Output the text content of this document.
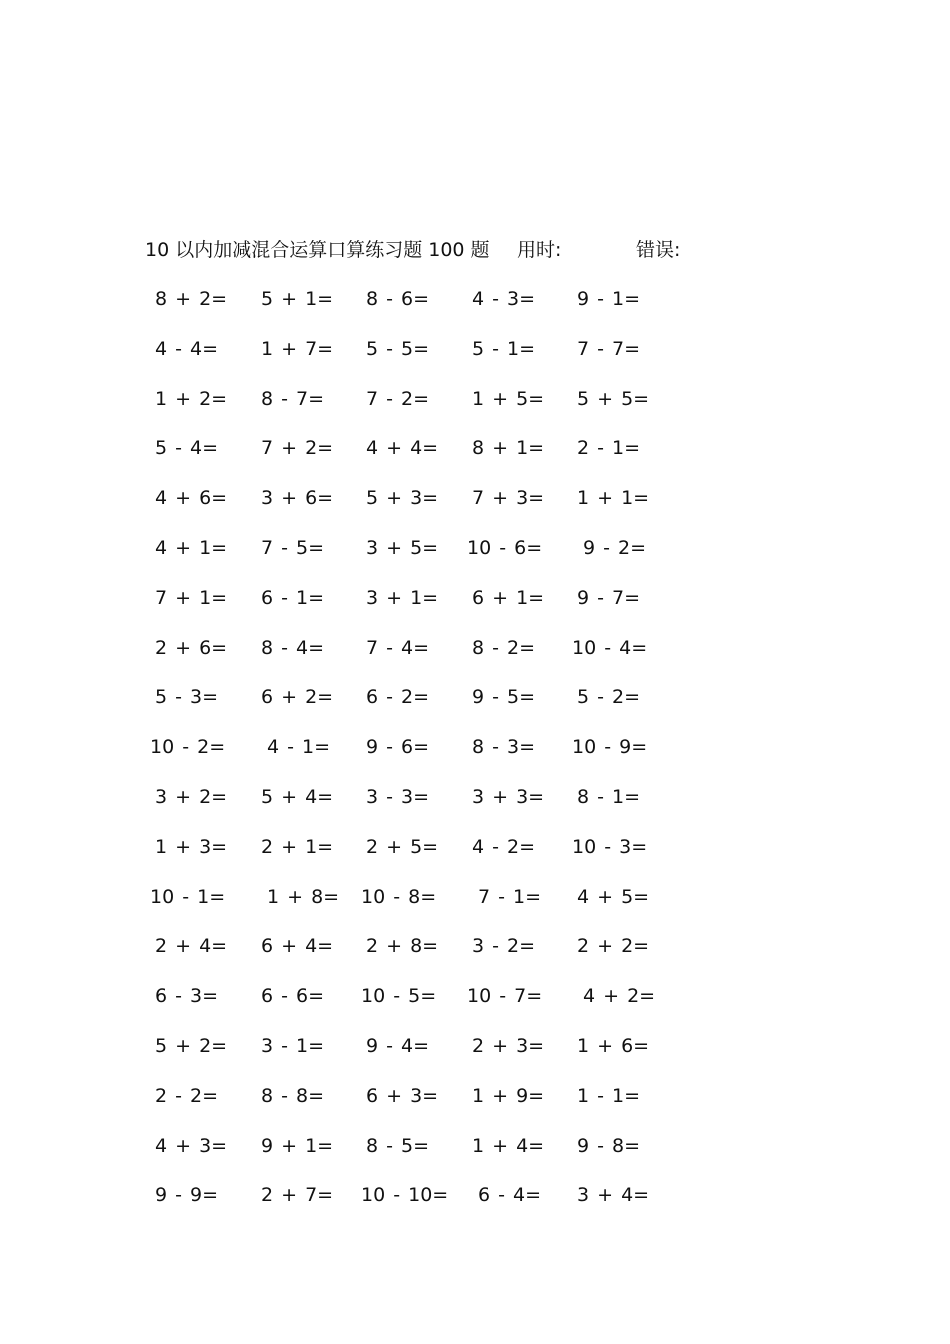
10 以内加减混合运算口算练习题 100 题 用时:	错误:
8 + 2= 5 + 1= 8 - 6= 4 - 3= 9 - 1=
4 - 4= 1 + 7= 5 - 5= 5 - 1= 7 - 7=
1 + 2= 8 - 7= 7 - 2= 1 + 5= 5 + 5=
5 - 4= 7 + 2= 4 + 4= 8 + 1= 2 - 1=
4 + 6= 3 + 6= 5 + 3= 7 + 3= 1 + 1=
4 + 1= 7 - 5= 3 + 5= 10 - 6= 9 - 2=
7 + 1= 6 - 1= 3 + 1= 6 + 1= 9 - 7=
2 + 6= 8 - 4= 7 - 4= 8 - 2= 10 - 4=
5 - 3= 6 + 2= 6 - 2= 9 - 5= 5 - 2=
10 - 2= 4 - 1= 9 - 6= 8 - 3= 10 - 9=
3 + 2= 5 + 4= 3 - 3= 3 + 3= 8 - 1=
1 + 3= 2 + 1= 2 + 5= 4 - 2= 10 - 3=
10 - 1= 1 + 8= 10 - 8= 7 - 1= 4 + 5=
2 + 4= 6 + 4= 2 + 8= 3 - 2= 2 + 2=
6 - 3= 6 - 6= 10 - 5= 10 - 7= 4 + 2=
5 + 2= 3 - 1= 9 - 4= 2 + 3= 1 + 6=
2 - 2= 8 - 8= 6 + 3= 1 + 9= 1 - 1=
4 + 3= 9 + 1= 8 - 5= 1 + 4= 9 - 8=
9 - 9= 2 + 7= 10 - 10= 6 - 4= 3 + 4=
